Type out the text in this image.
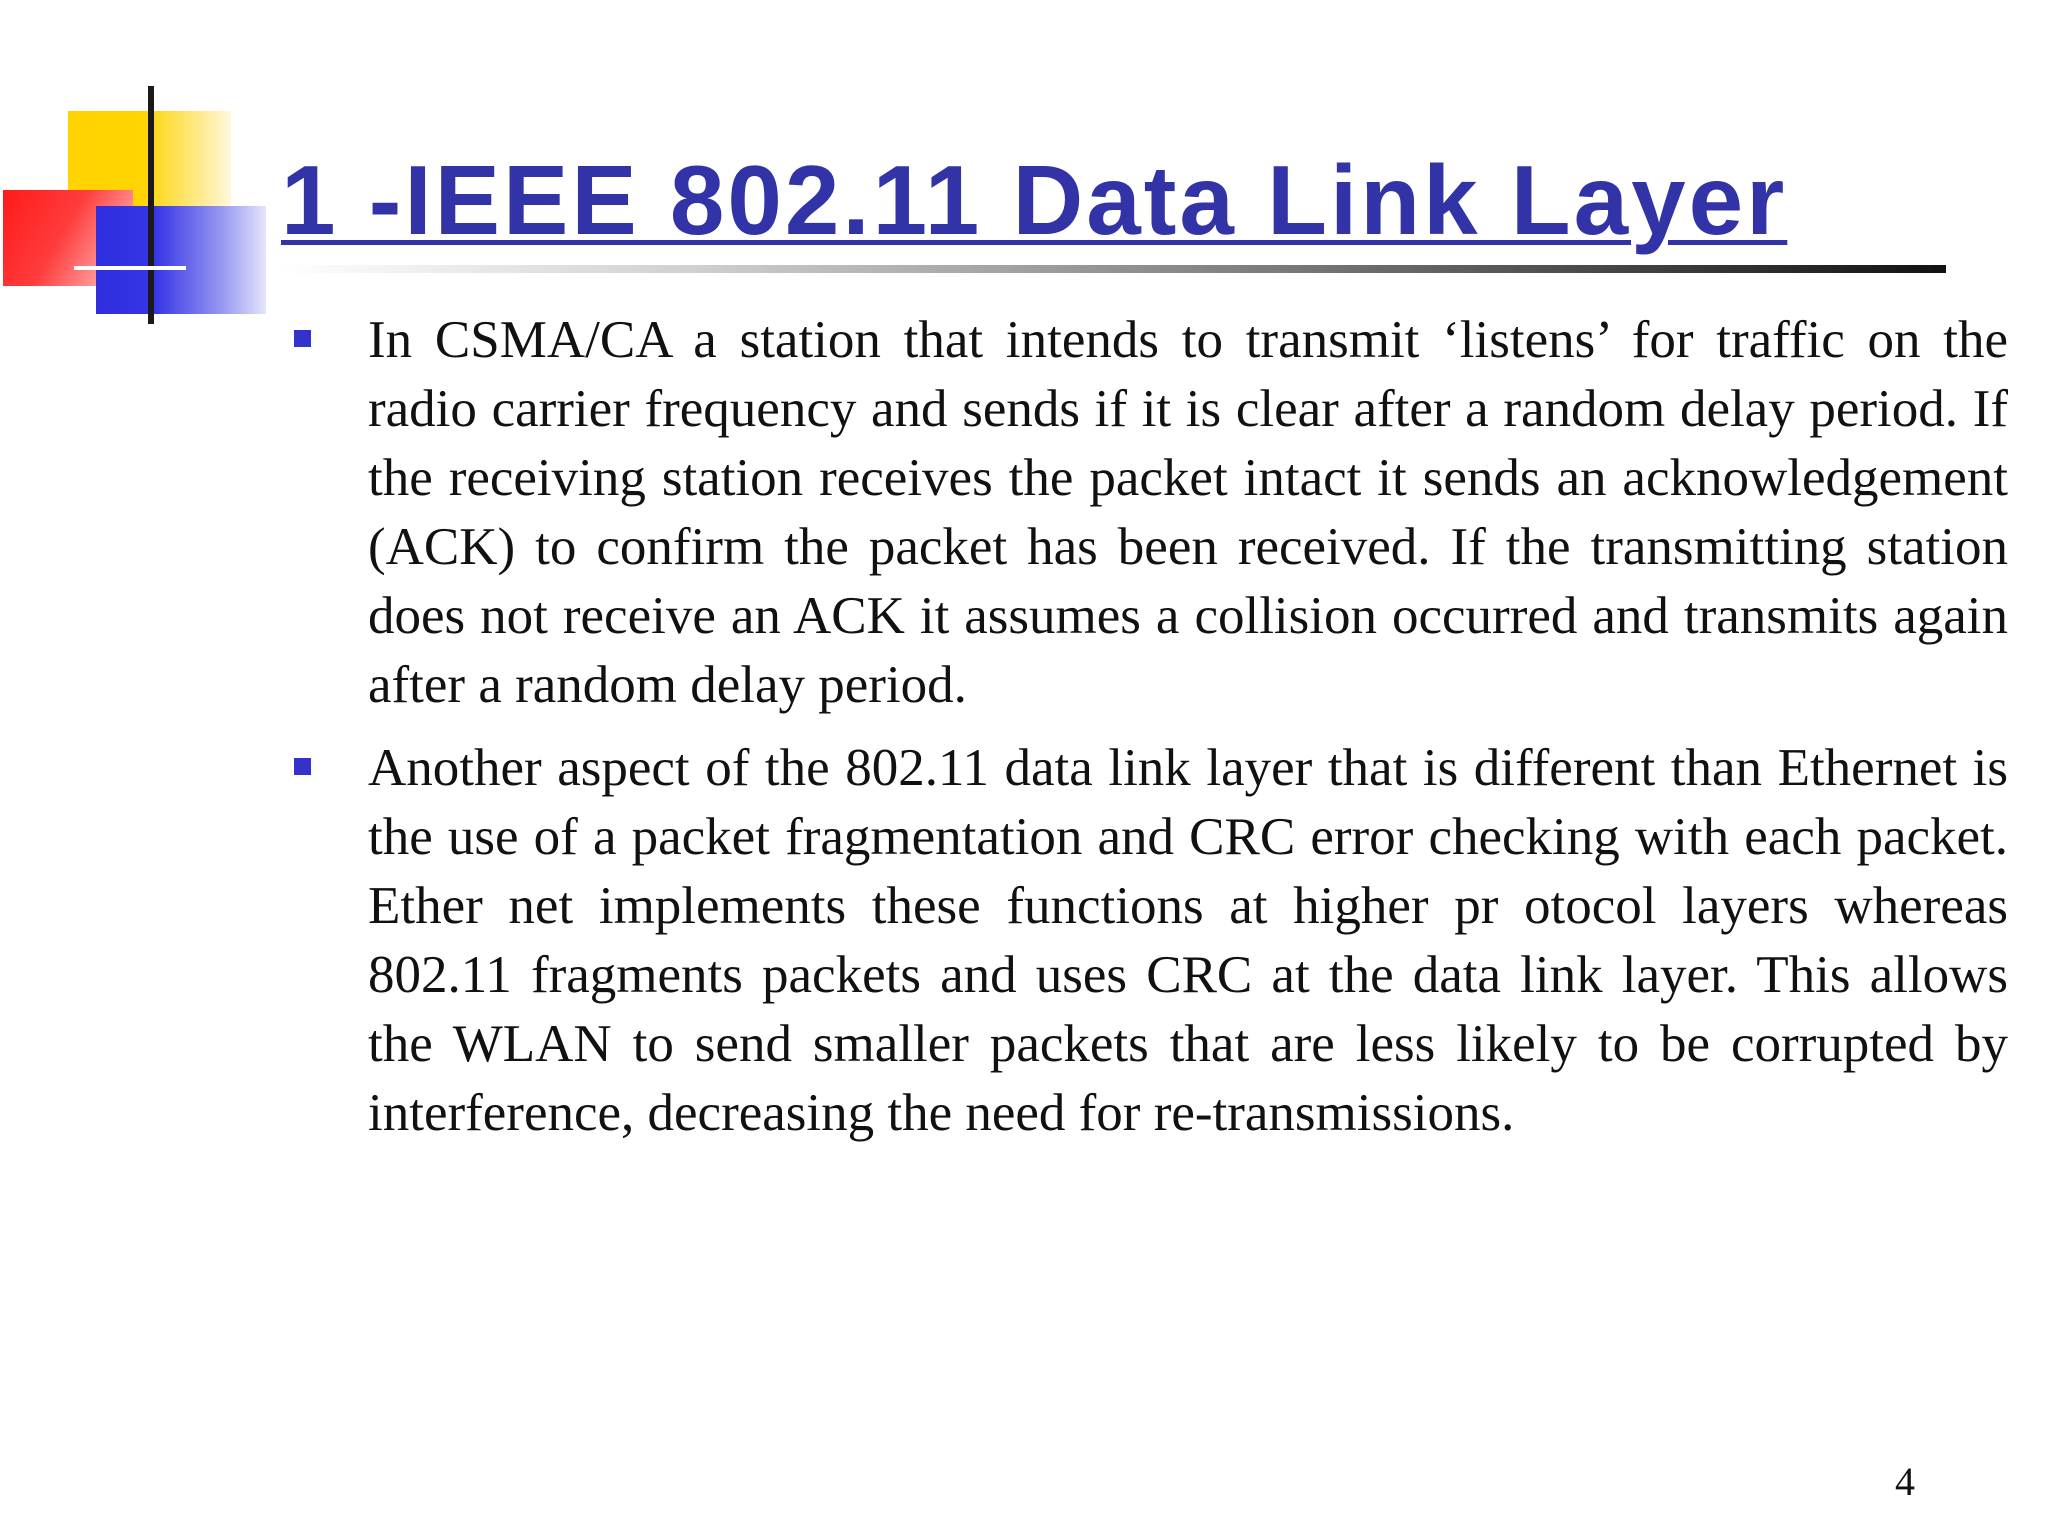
1 -IEEE 802.11 Data Link Layer
In CSMA/CA a station that intends to transmit ‘listens’ for traffic on the radio carrier frequency and sends if it is clear after a random delay period. If the receiving station receives the packet intact it sends an acknowledgement (ACK) to confirm the packet has been received. If the transmitting station does not receive an ACK it assumes a collision occurred and transmits again after a random delay period.
Another aspect of the 802.11 data link layer that is different than Ethernet is the use of a packet fragmentation and CRC error checking with each packet. Ether net implements these functions at higher pr otocol layers whereas 802.11 fragments packets and uses CRC at the data link layer. This allows the WLAN to send smaller packets that are less likely to be corrupted by interference, decreasing the need for re-transmissions.
4
